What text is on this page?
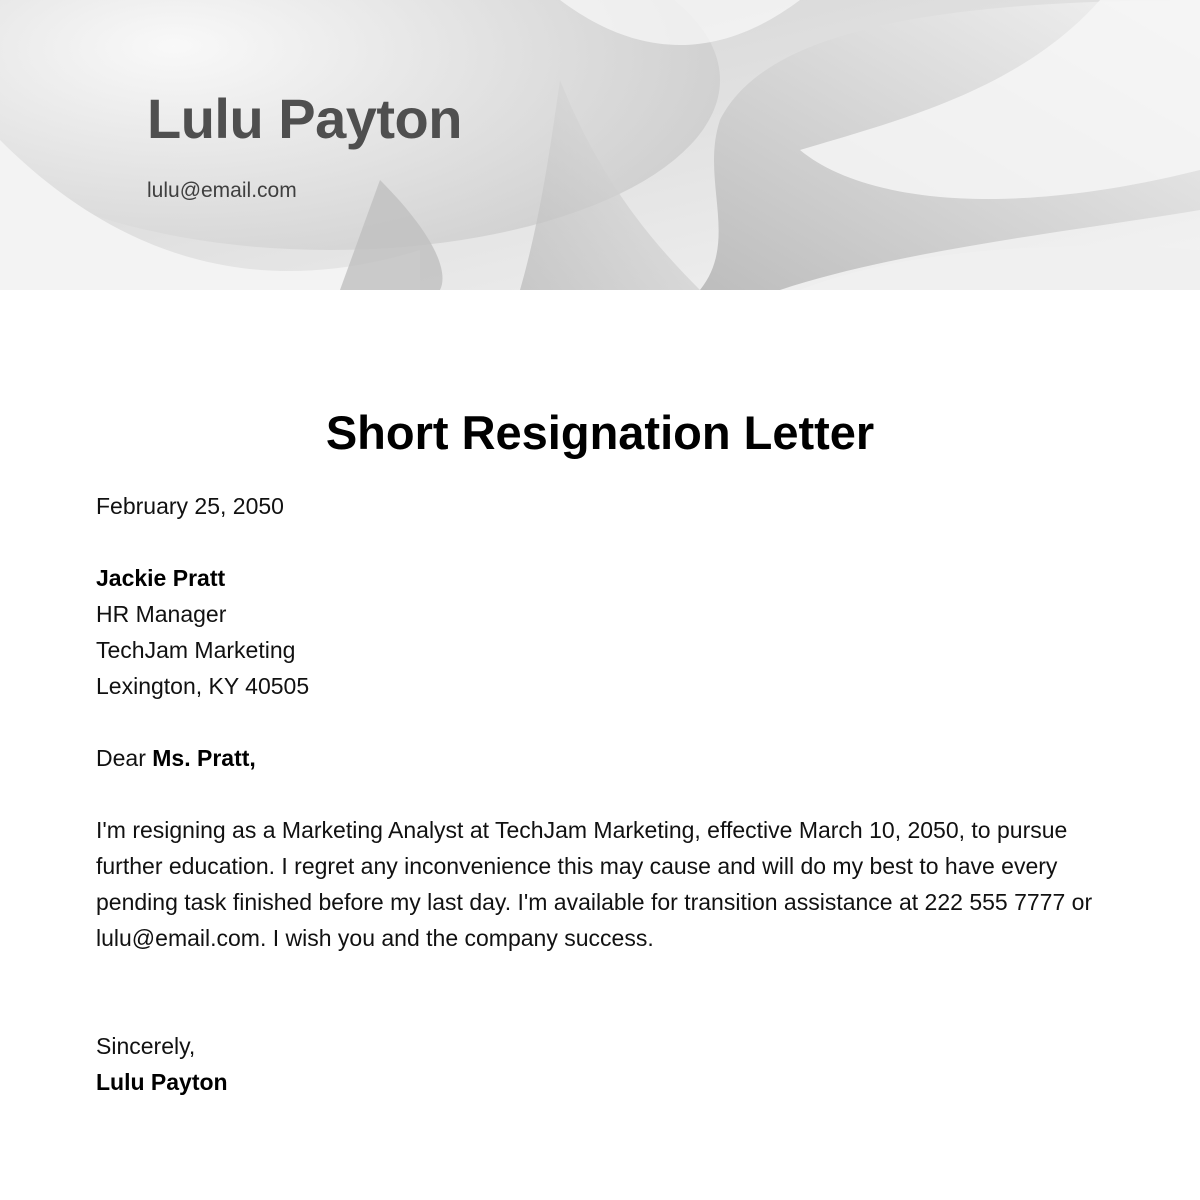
Lulu Payton
lulu@email.com
Short Resignation Letter
February 25, 2050
Jackie Pratt
HR Manager
TechJam Marketing
Lexington, KY 40505
Dear Ms. Pratt,
I'm resigning as a Marketing Analyst at TechJam Marketing, effective March 10, 2050, to pursue further education. I regret any inconvenience this may cause and will do my best to have every pending task finished before my last day. I'm available for transition assistance at 222 555 7777 or lulu@email.com. I wish you and the company success.
Sincerely,
Lulu Payton
